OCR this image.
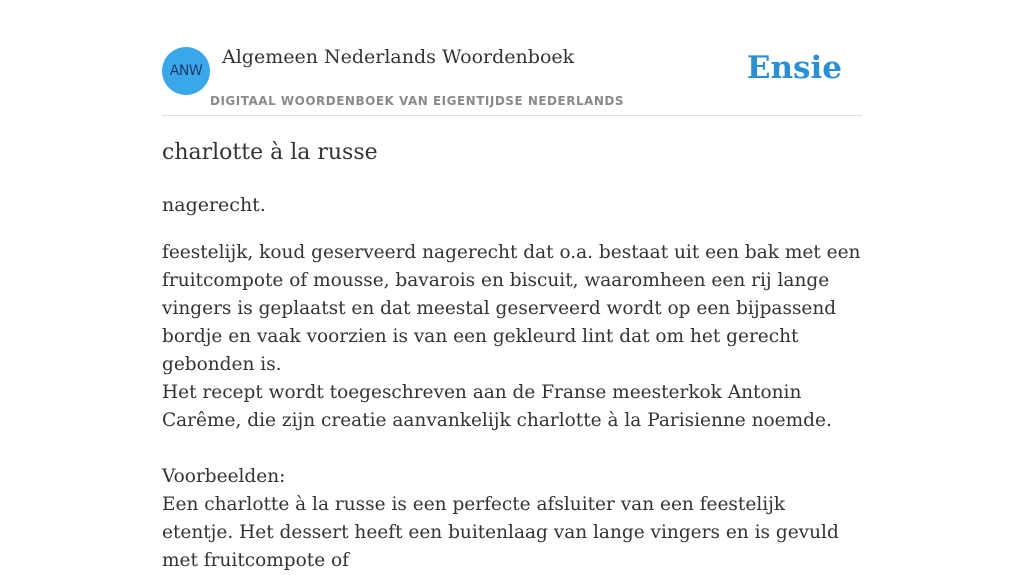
ANW
Algemeen Nederlands Woordenboek
DIGITAAL WOORDENBOEK VAN EIGENTIJDSE NEDERLANDS
Ensie
charlotte à la russe
nagerecht.

feestelijk, koud geserveerd nagerecht dat o.a. bestaat uit een bak met een fruitcompote of mousse, bavarois en biscuit, waaromheen een rij lange vingers is geplaatst en dat meestal geserveerd wordt op een bijpassend bordje en vaak voorzien is van een gekleurd lint dat om het gerecht gebonden is.

Het recept wordt toegeschreven aan de Franse meesterkok Antonin Carême, die zijn creatie aanvankelijk charlotte à la Parisienne noemde.

Voorbeelden:

Een charlotte à la russe is een perfecte afsluiter van een feestelijk etentje. Het dessert heeft een buitenlaag van lange vingers en is gevuld met fruitcompote of
